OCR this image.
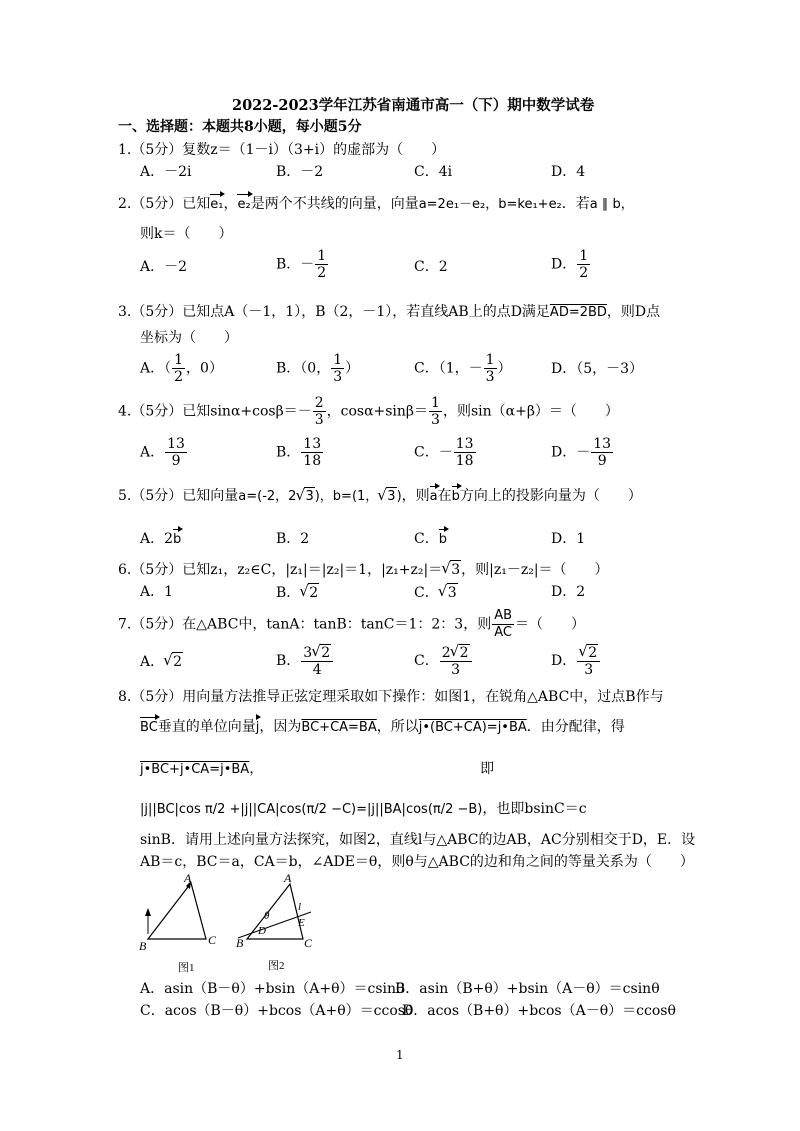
2022-2023学年江苏省南通市高一（下）期中数学试卷
一、选择题：本题共8小题，每小题5分
1.（5分）复数z＝（1－i）（3+i）的虚部为（　　）
A．－2i	B．－2	C．4i	D．4
2.（5分）已知e₁，e₂是两个不共线的向量，向量a=2e₁－e₂，b=ke₁+e₂．若a ∥ b，
则k＝（　　）
A．－2	B．－ $\frac{1}{2}$	C．2	D． $\frac{1}{2}$
3.（5分）已知点A（－1，1），B（2，－1），若直线AB上的点D满足AD=2BD，则D点
坐标为（　　）
A．（ $\frac{1}{2}$ ，0）	B．（0， $\frac{1}{3}$ ）	C．（1，－ $\frac{1}{3}$ ）	D．（5，－3）
4.（5分）已知$\sin\alpha+\cos\beta=- \frac{2}{3}$ ，$\cos\alpha+\sin\beta= \frac{1}{3}$ ，则sin（α+β）＝（　　）
A． $\frac{13}{9}$	B． $\frac{13}{18}$	C．－ $\frac{13}{18}$	D．－ $\frac{13}{9}$
5.（5分）已知向量a=(-2，2 √ 3)，b=(1， √ 3)，则a在b方向上的投影向量为（　　）
A．2b	B．2	C．b	D．1
6.（5分）已知z₁，z₂∈C，|z₁|＝|z₂|＝1，|z₁+z₂|＝ √ 3，则|z₁－z₂|＝（　　）
A．1	B． √ 2	C． √ 3	D．2
7.（5分）在△ABC中，tanA：tanB：tanC＝1：2：3，则 $\frac{AB}{AC}$ ＝（　　）
A． √ 2	B． $\frac{3 √ 2}{4}$	C． $\frac{2 √ 2}{3}$	D． √ $\frac{2}{3}$
8.（5分）用向量方法推导正弦定理采取如下操作：如图1，在锐角△ABC中，过点B作与
BC垂直的单位向量j，因为BC+CA=BA，所以j•(BC+CA)=j•BA．由分配律，得
j•BC+j•CA=j•BA，　　　　　　　　　　　　　　　　即
|j||BC|cos π/2 +|j||CA|cos(π/2 −C)=|j||BA|cos(π/2 −B)，也即bsinC＝c
sinB．请用上述向量方法探究，如图2，直线l与△ABC的边AB，AC分别相交于D，E．设
AB＝c，BC＝a，CA＝b，∠ADE＝θ，则θ与△ABC的边和角之间的等量关系为（　　）
A
B	C
图1
A
B	C
D
E
l
θ
图2
A．asin（B－θ）+bsin（A+θ）＝csinθ
B．asin（B+θ）+bsin（A－θ）＝csinθ
C．acos（B－θ）+bcos（A+θ）＝ccosθ
D．acos（B+θ）+bcos（A－θ）＝ccosθ
1
